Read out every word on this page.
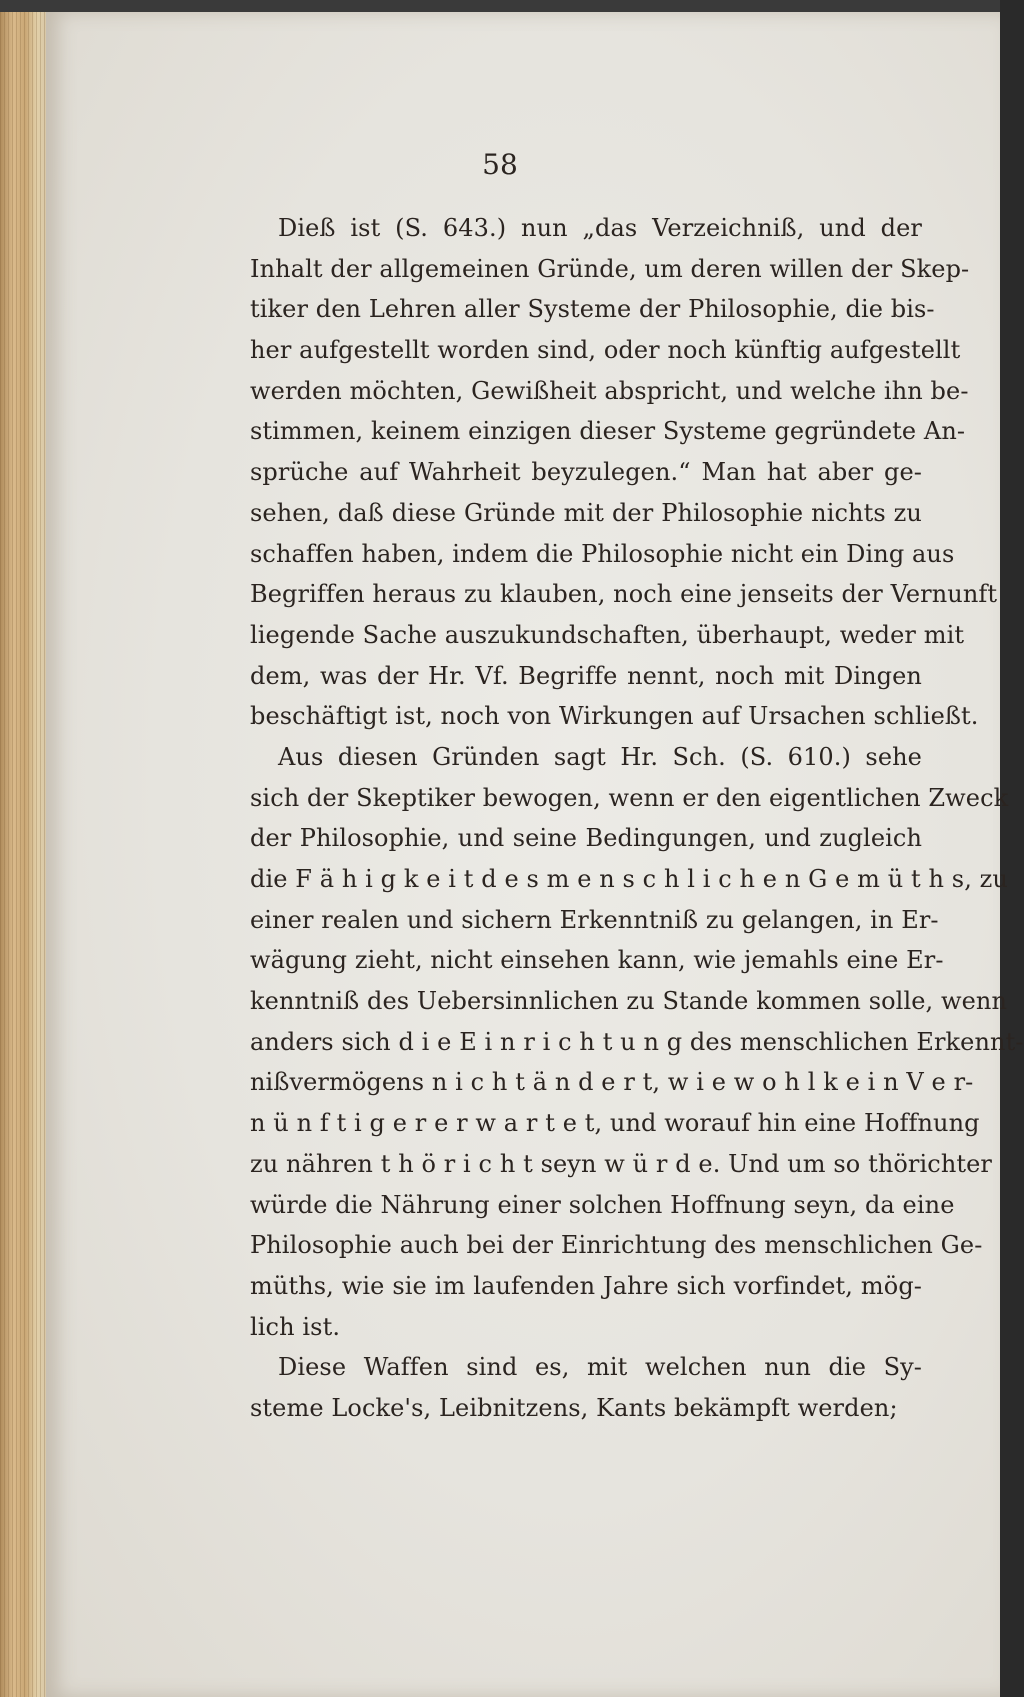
58
Dieß ist (S. 643.) nun „das Verzeichniß, und der
Inhalt der allgemeinen Gründe, um deren willen der Skep-
tiker den Lehren aller Systeme der Philosophie, die bis-
her aufgestellt worden sind, oder noch künftig aufgestellt
werden möchten, Gewißheit abspricht, und welche ihn be-
stimmen, keinem einzigen dieser Systeme gegründete An-
sprüche auf Wahrheit beyzulegen.“ Man hat aber ge-
sehen, daß diese Gründe mit der Philosophie nichts zu
schaffen haben, indem die Philosophie nicht ein Ding aus
Begriffen heraus zu klauben, noch eine jenseits der Vernunft
liegende Sache auszukundschaften, überhaupt, weder mit
dem, was der Hr. Vf. Begriffe nennt, noch mit Dingen
beschäftigt ist, noch von Wirkungen auf Ursachen schließt.
Aus diesen Gründen sagt Hr. Sch. (S. 610.) sehe
sich der Skeptiker bewogen, wenn er den eigentlichen Zweck
der Philosophie, und seine Bedingungen, und zugleich
die F ä h i g k e i t d e s m e n s c h l i c h e n G e m ü t h s, zu
einer realen und sichern Erkenntniß zu gelangen, in Er-
wägung zieht, nicht einsehen kann, wie jemahls eine Er-
kenntniß des Uebersinnlichen zu Stande kommen solle, wenn
anders sich d i e E i n r i c h t u n g des menschlichen Erkennt-
nißvermögens n i c h t ä n d e r t, w i e w o h l k e i n V e r-
n ü n f t i g e r e r w a r t e t, und worauf hin eine Hoffnung
zu nähren t h ö r i c h t seyn w ü r d e. Und um so thörichter
würde die Nährung einer solchen Hoffnung seyn, da eine
Philosophie auch bei der Einrichtung des menschlichen Ge-
müths, wie sie im laufenden Jahre sich vorfindet, mög-
lich ist.
Diese Waffen sind es, mit welchen nun die Sy-
steme Locke's, Leibnitzens, Kants bekämpft werden;
